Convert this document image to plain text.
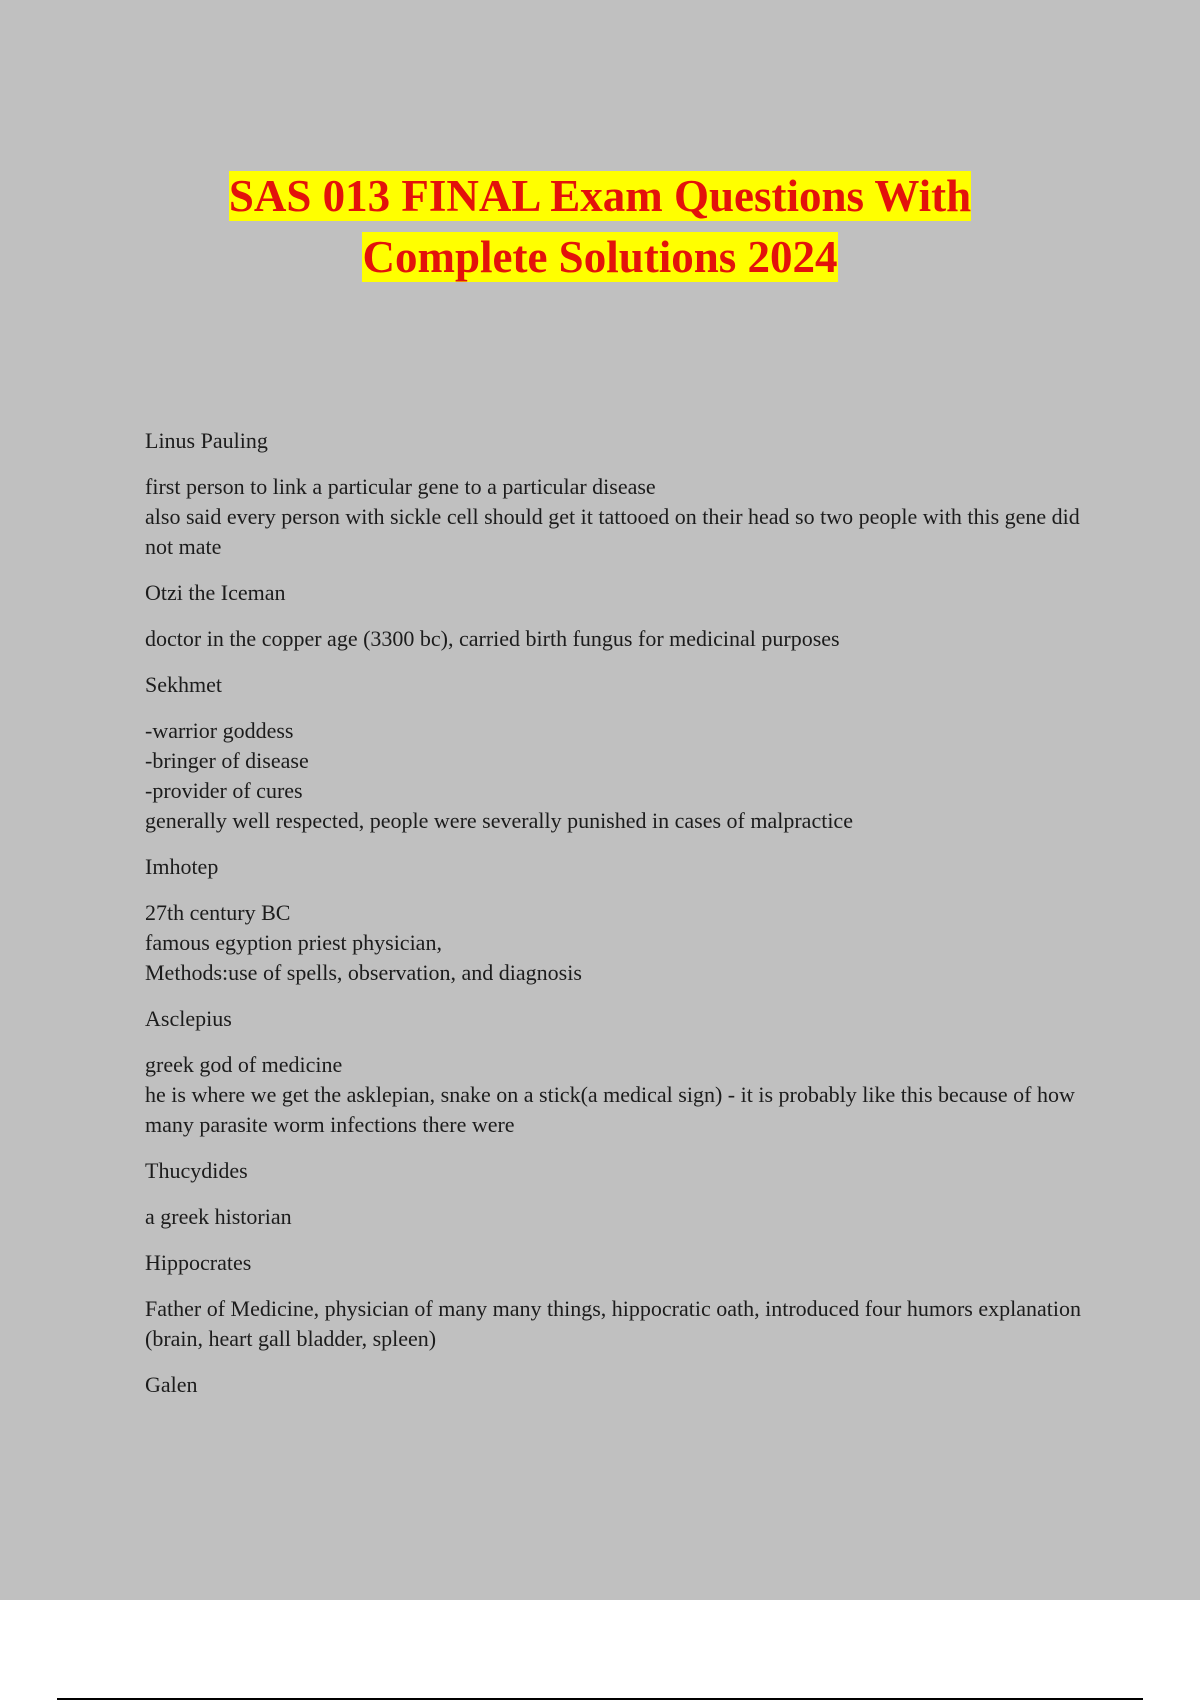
SAS 013 FINAL Exam Questions With
Complete Solutions 2024
Linus Pauling
first person to link a particular gene to a particular disease
also said every person with sickle cell should get it tattooed on their head so two people with this gene did not mate
Otzi the Iceman
doctor in the copper age (3300 bc), carried birth fungus for medicinal purposes
Sekhmet
-warrior goddess
-bringer of disease
-provider of cures
generally well respected, people were severally punished in cases of malpractice
Imhotep
27th century BC
famous egyption priest physician,
Methods:use of spells, observation, and diagnosis
Asclepius
greek god of medicine
he is where we get the asklepian, snake on a stick(a medical sign) - it is probably like this because of how many parasite worm infections there were
Thucydides
a greek historian
Hippocrates
Father of Medicine, physician of many many things, hippocratic oath, introduced four humors explanation (brain, heart gall bladder, spleen)
Galen
